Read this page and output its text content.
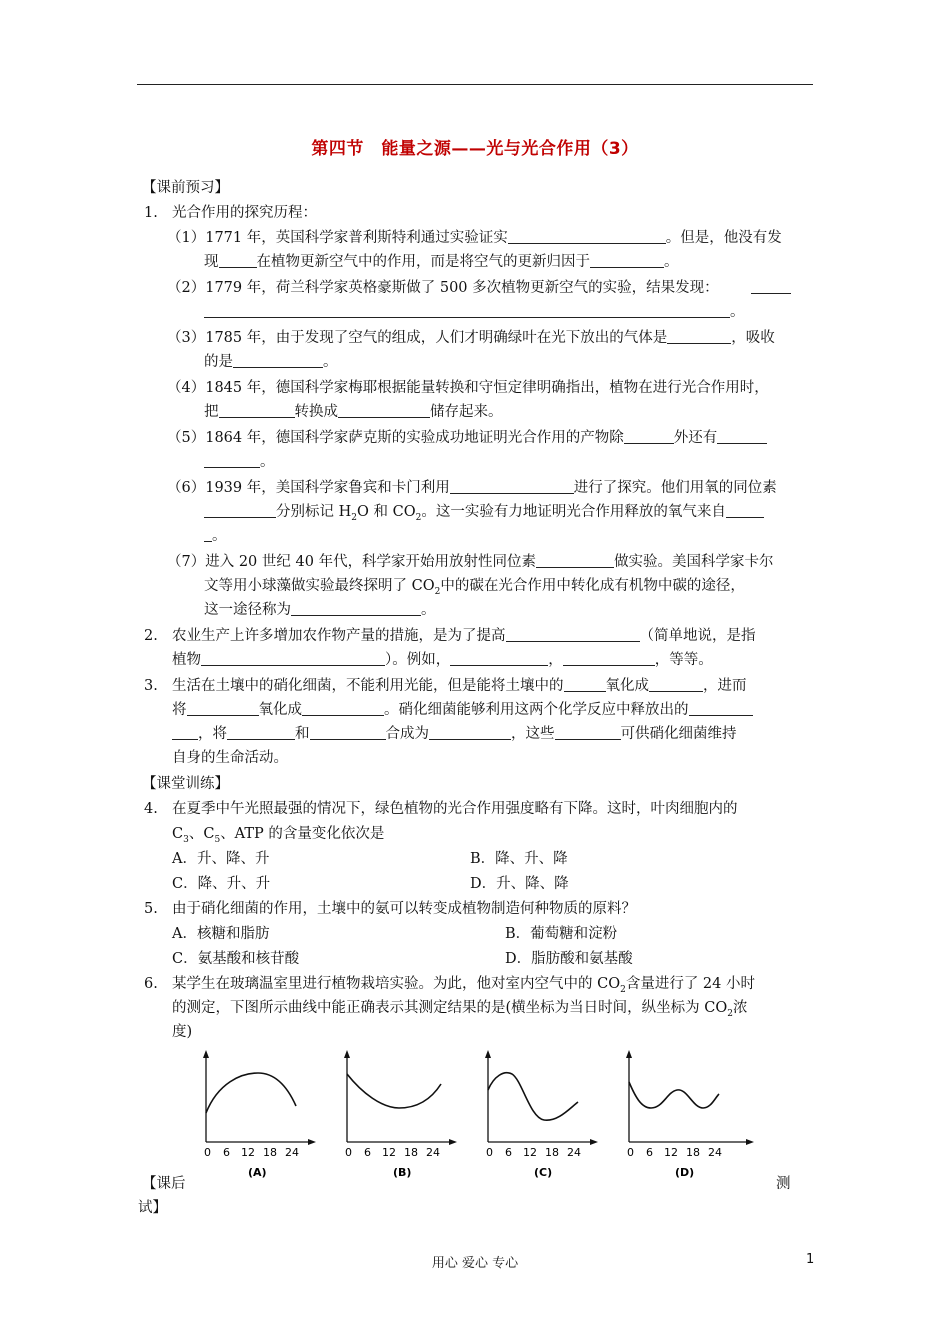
第四节　能量之源——光与光合作用（3）
【课前预习】
1. 光合作用的探究历程：
（1）1771 年，英国科学家普利斯特利通过实验证实	。但是，他没有发
现	在植物更新空气中的作用，而是将空气的更新归因于	。
（2）1779 年，荷兰科学家英格豪斯做了 500 多次植物更新空气的实验，结果发现：
。
（3）1785 年，由于发现了空气的组成，人们才明确绿叶在光下放出的气体是	，吸收
的是	。
（4）1845 年，德国科学家梅耶根据能量转换和守恒定律明确指出，植物在进行光合作用时，
把	转换成	储存起来。
（5）1864 年，德国科学家萨克斯的实验成功地证明光合作用的产物除	外还有
。
（6）1939 年，美国科学家鲁宾和卡门利用	进行了探究。他们用氧的同位素
分别标记 $H_2O$ 和 $CO_2$。这一实验有力地证明光合作用释放的氧气来自
。
（7）进入 20 世纪 40 年代，科学家开始用放射性同位素	做实验。美国科学家卡尔
文等用小球藻做实验最终探明了 $CO_2$中的碳在光合作用中转化成有机物中碳的途径，
这一途径称为	。
2. 农业生产上许多增加农作物产量的措施，是为了提高	（简单地说，是指
植物	）。例如，	，	，等等。
3. 生活在土壤中的硝化细菌，不能利用光能，但是能将土壤中的	氧化成	，进而
将	氧化成	。硝化细菌能够利用这两个化学反应中释放出的
，将	和	合成为	，这些	可供硝化细菌维持
自身的生命活动。
【课堂训练】
4. 在夏季中午光照最强的情况下，绿色植物的光合作用强度略有下降。这时，叶肉细胞内的
$C_3$、$C_5$、ATP 的含量变化依次是
A．升、降、升	B．降、升、降
C．降、升、升	D．升、降、降
5. 由于硝化细菌的作用，土壤中的氨可以转变成植物制造何种物质的原料？
A．核糖和脂肪	B．葡萄糖和淀粉
C．氨基酸和核苷酸	D．脂肪酸和氨基酸
6. 某学生在玻璃温室里进行植物栽培实验。为此，他对室内空气中的 $CO_2$含量进行了 24 小时
的测定，下图所示曲线中能正确表示其测定结果的是(横坐标为当日时间，纵坐标为 $CO_2$浓
度)
0 6 12 18 24
(A)
0 6 12 18 24
(B)
0 6 12 18 24
(C)
0 6 12 18 24
(D)
【课后	测
试】
用心 爱心 专心	1
